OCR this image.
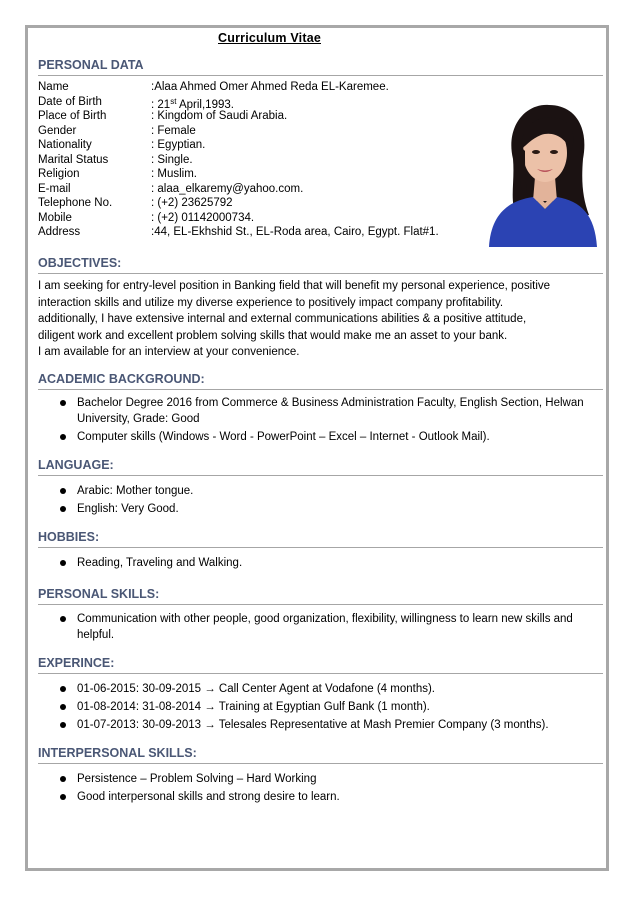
Curriculum Vitae
PERSONAL DATA
Name	:Alaa Ahmed Omer Ahmed Reda EL-Karemee.
Date of Birth	: 21st April,1993.
Place of Birth	: Kingdom of Saudi Arabia.
Gender	: Female
Nationality	: Egyptian.
Marital Status	: Single.
Religion	: Muslim.
E-mail	: alaa_elkaremy@yahoo.com.
Telephone No.	: (+2) 23625792
Mobile	: (+2) 01142000734.
Address	:44, EL-Ekhshid St., EL-Roda area, Cairo, Egypt. Flat#1.
OBJECTIVES:
I am seeking for entry-level position in Banking field that will benefit my personal experience, positive
interaction skills and utilize my diverse experience to positively impact company profitability.
additionally, I have extensive internal and external communications abilities & a positive attitude,
diligent work and excellent problem solving skills that would make me an asset to your bank.
I am available for an interview at your convenience.
ACADEMIC BACKGROUND:
Bachelor Degree 2016 from Commerce & Business Administration Faculty, English Section, Helwan University, Grade: Good
Computer skills (Windows - Word - PowerPoint – Excel – Internet - Outlook Mail).
LANGUAGE:
Arabic: Mother tongue.
English: Very Good.
HOBBIES:
Reading, Traveling and Walking.
PERSONAL SKILLS:
Communication with other people, good organization, flexibility, willingness to learn new skills and helpful.
EXPERINCE:
01-06-2015: 30-09-2015 → Call Center Agent at Vodafone (4 months).
01-08-2014: 31-08-2014 → Training at Egyptian Gulf Bank (1 month).
01-07-2013: 30-09-2013 → Telesales Representative at Mash Premier Company (3 months).
INTERPERSONAL SKILLS:
Persistence – Problem Solving – Hard Working
Good interpersonal skills and strong desire to learn.
